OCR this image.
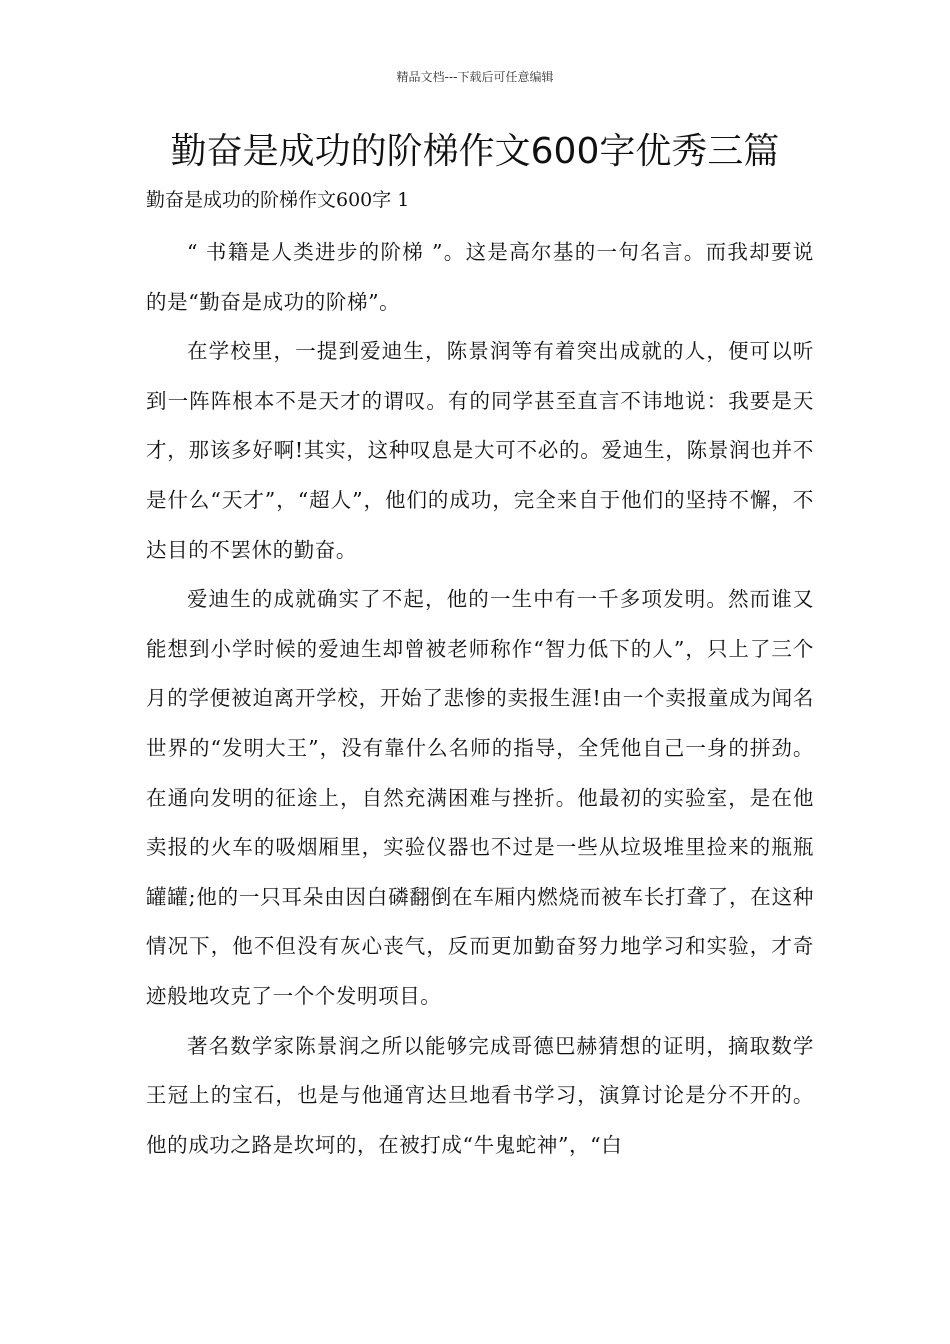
精品文档---下载后可任意编辑
勤奋是成功的阶梯作文600字优秀三篇
勤奋是成功的阶梯作文600字 1

“ 书籍是人类进步的阶梯 ”。这是高尔基的一句名言。而我却要说的是“勤奋是成功的阶梯”。

在学校里，一提到爱迪生，陈景润等有着突出成就的人，便可以听到一阵阵根本不是天才的谓叹。有的同学甚至直言不讳地说：我要是天才，那该多好啊!其实，这种叹息是大可不必的。爱迪生，陈景润也并不是什么“天才”，“超人”，他们的成功，完全来自于他们的坚持不懈，不达目的不罢休的勤奋。

爱迪生的成就确实了不起，他的一生中有一千多项发明。然而谁又能想到小学时候的爱迪生却曾被老师称作“智力低下的人”，只上了三个月的学便被迫离开学校，开始了悲惨的卖报生涯!由一个卖报童成为闻名世界的“发明大王”，没有靠什么名师的指导，全凭他自己一身的拼劲。在通向发明的征途上，自然充满困难与挫折。他最初的实验室，是在他卖报的火车的吸烟厢里，实验仪器也不过是一些从垃圾堆里捡来的瓶瓶罐罐;他的一只耳朵由因白磷翻倒在车厢内燃烧而被车长打聋了，在这种情况下，他不但没有灰心丧气，反而更加勤奋努力地学习和实验，才奇迹般地攻克了一个个发明项目。

著名数学家陈景润之所以能够完成哥德巴赫猜想的证明，摘取数学王冠上的宝石，也是与他通宵达旦地看书学习，演算讨论是分不开的。他的成功之路是坎坷的，在被打成“牛鬼蛇神”，“白
